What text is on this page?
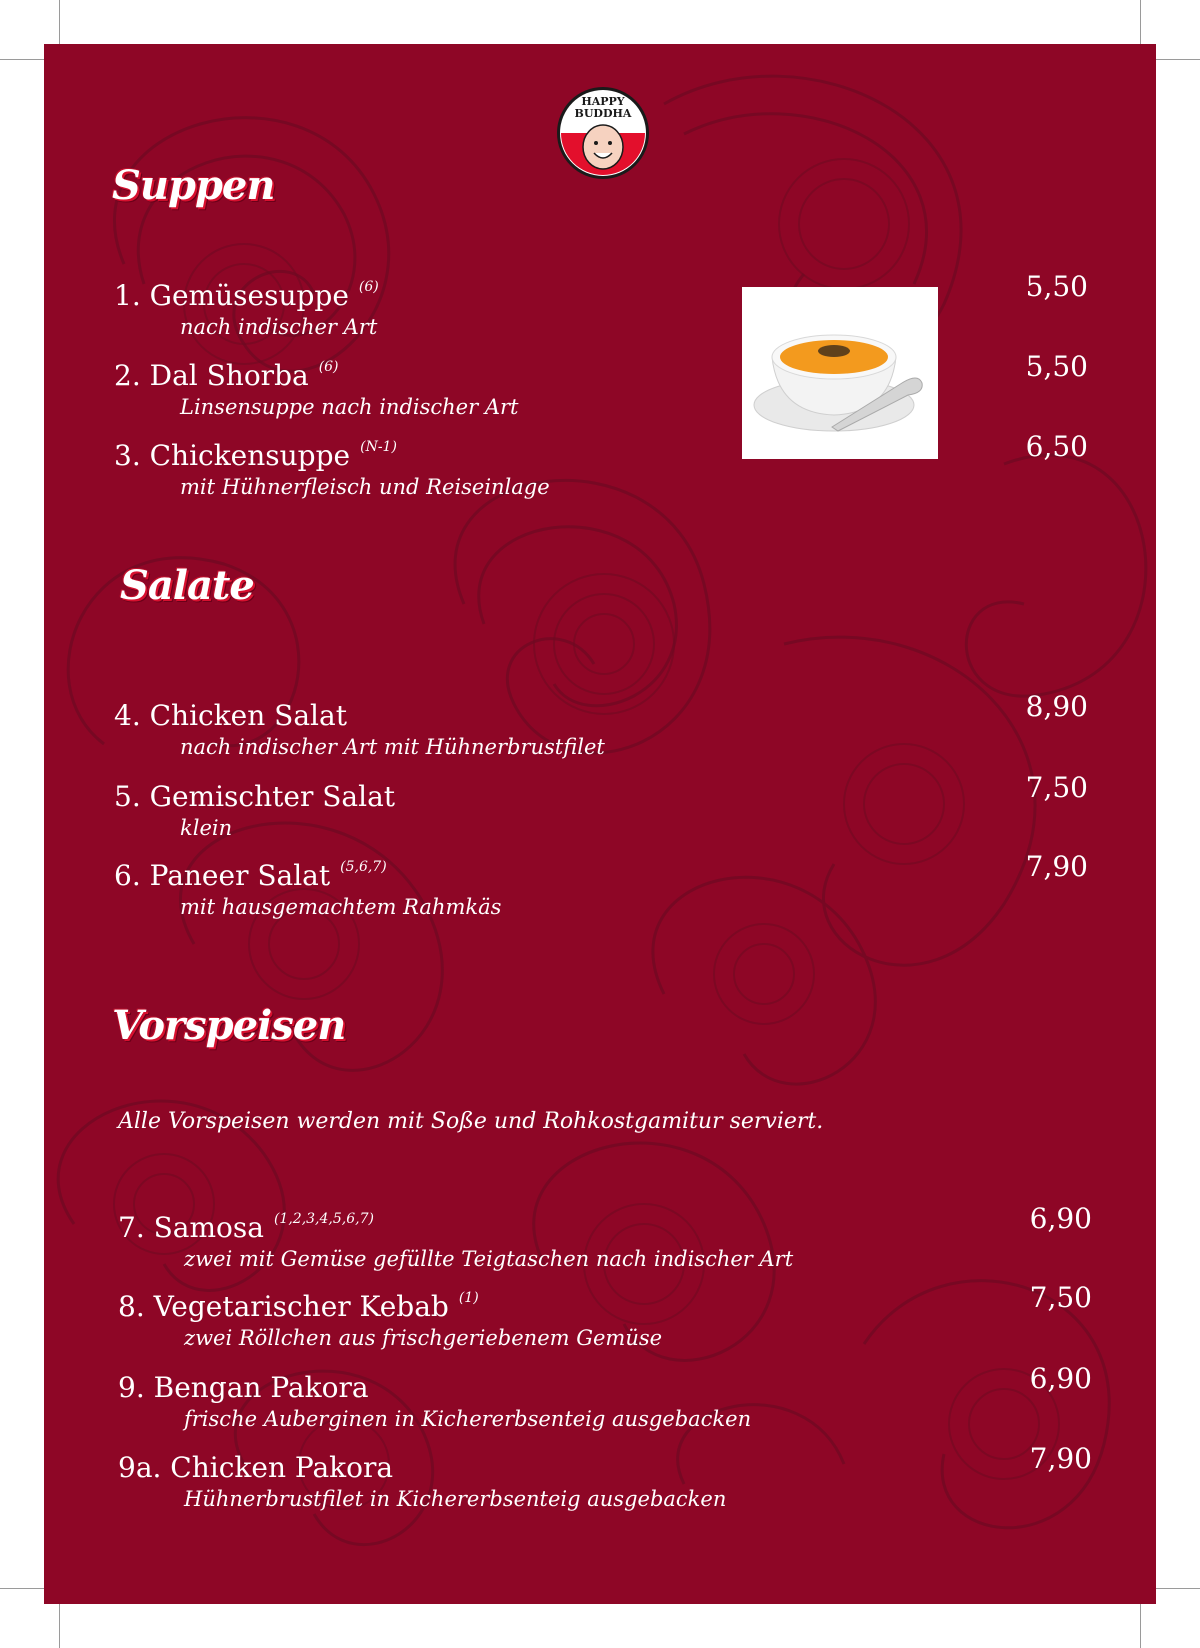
HAPPY
BUDDHA
Suppen
1. Gemüsesuppe $^{(6)}$
nach indischer Art
5,50
2. Dal Shorba $^{(6)}$
Linsensuppe nach indischer Art
5,50
3. Chickensuppe $^{(N-1)}$
mit Hühnerfleisch und Reiseinlage
6,50
Salate
4. Chicken Salat
nach indischer Art mit Hühnerbrustfilet
8,90
5. Gemischter Salat
klein
7,50
6. Paneer Salat $^{(5,6,7)}$
mit hausgemachtem Rahmkäs
7,90
Vorspeisen
Alle Vorspeisen werden mit Soße und Rohkostgamitur serviert.
7. Samosa $^{(1,2,3,4,5,6,7)}$
zwei mit Gemüse gefüllte Teigtaschen nach indischer Art
6,90
8. Vegetarischer Kebab $^{(1)}$
zwei Röllchen aus frischgeriebenem Gemüse
7,50
9. Bengan Pakora
frische Auberginen in Kichererbsenteig ausgebacken
6,90
9a. Chicken Pakora
Hühnerbrustfilet in Kichererbsenteig ausgebacken
7,90
